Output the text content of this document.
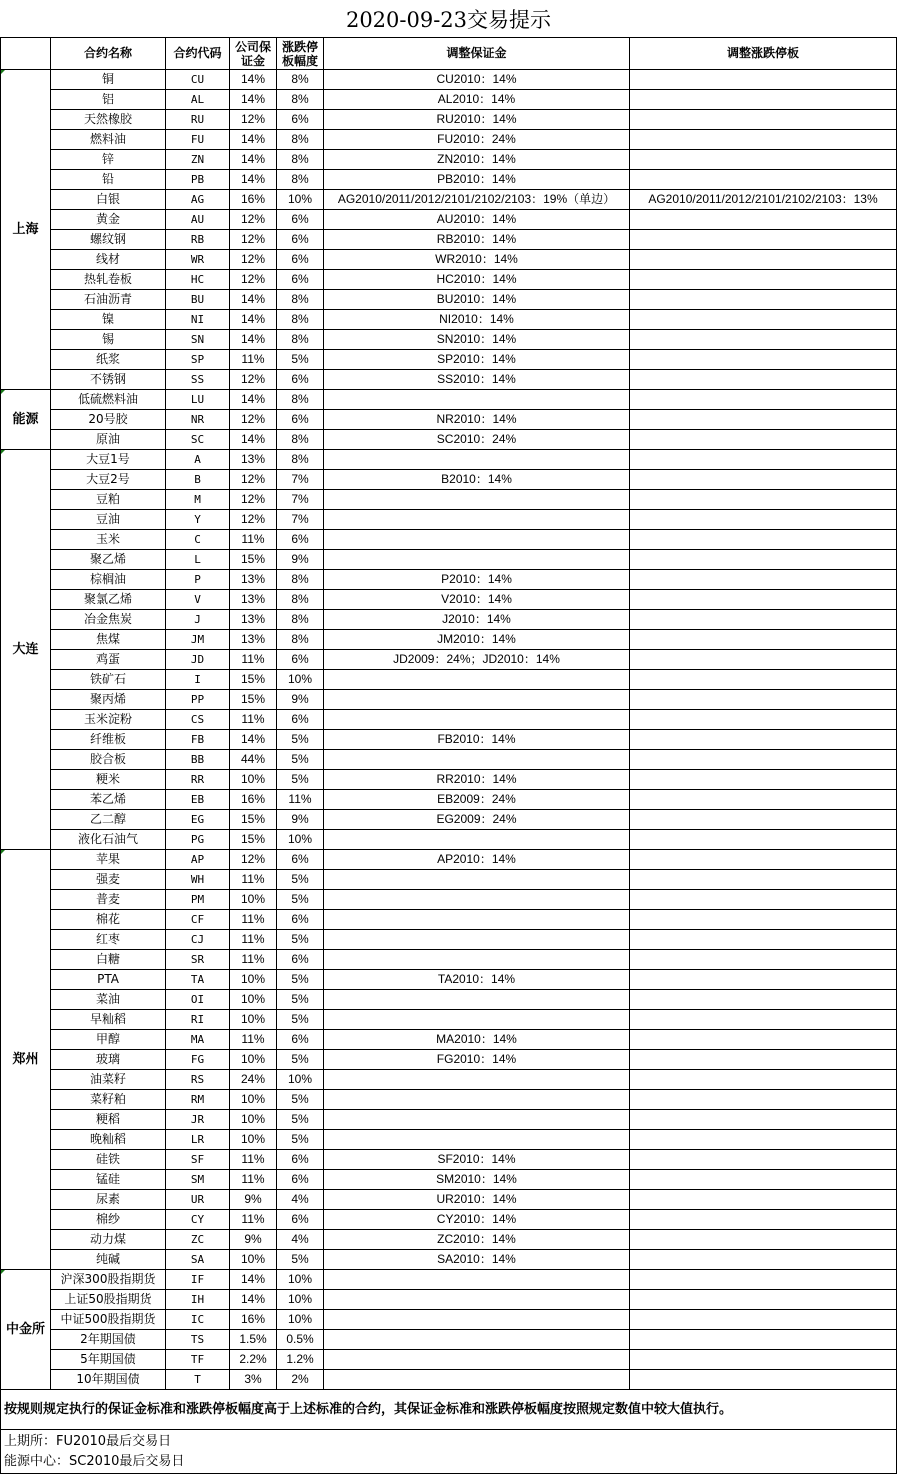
2020-09-23交易提示
	合约名称	合约代码	公司保证金	涨跌停板幅度	调整保证金	调整涨跌停板
上海	铜	CU	14%	8%	CU2010：14%	
	铝	AL	14%	8%	AL2010：14%	
	天然橡胶	RU	12%	6%	RU2010：14%	
	燃料油	FU	14%	8%	FU2010：24%	
	锌	ZN	14%	8%	ZN2010：14%	
	铅	PB	14%	8%	PB2010：14%	
	白银	AG	16%	10%	AG2010/2011/2012/2101/2102/2103：19%（单边）	AG2010/2011/2012/2101/2102/2103：13%
	黄金	AU	12%	6%	AU2010：14%	
	螺纹钢	RB	12%	6%	RB2010：14%	
	线材	WR	12%	6%	WR2010：14%	
	热轧卷板	HC	12%	6%	HC2010：14%	
	石油沥青	BU	14%	8%	BU2010：14%	
	镍	NI	14%	8%	NI2010：14%	
	锡	SN	14%	8%	SN2010：14%	
	纸浆	SP	11%	5%	SP2010：14%	
	不锈钢	SS	12%	6%	SS2010：14%	
能源	低硫燃料油	LU	14%	8%		
	20号胶	NR	12%	6%	NR2010：14%	
	原油	SC	14%	8%	SC2010：24%	
大连	大豆1号	A	13%	8%		
	大豆2号	B	12%	7%	B2010：14%	
	豆粕	M	12%	7%		
	豆油	Y	12%	7%		
	玉米	C	11%	6%		
	聚乙烯	L	15%	9%		
	棕榈油	P	13%	8%	P2010：14%	
	聚氯乙烯	V	13%	8%	V2010：14%	
	冶金焦炭	J	13%	8%	J2010：14%	
	焦煤	JM	13%	8%	JM2010：14%	
	鸡蛋	JD	11%	6%	JD2009：24%；JD2010：14%	
	铁矿石	I	15%	10%		
	聚丙烯	PP	15%	9%		
	玉米淀粉	CS	11%	6%		
	纤维板	FB	14%	5%	FB2010：14%	
	胶合板	BB	44%	5%		
	粳米	RR	10%	5%	RR2010：14%	
	苯乙烯	EB	16%	11%	EB2009：24%	
	乙二醇	EG	15%	9%	EG2009：24%	
	液化石油气	PG	15%	10%		
郑州	苹果	AP	12%	6%	AP2010：14%	
	强麦	WH	11%	5%		
	普麦	PM	10%	5%		
	棉花	CF	11%	6%		
	红枣	CJ	11%	5%		
	白糖	SR	11%	6%		
	PTA	TA	10%	5%	TA2010：14%	
	菜油	OI	10%	5%		
	早籼稻	RI	10%	5%		
	甲醇	MA	11%	6%	MA2010：14%	
	玻璃	FG	10%	5%	FG2010：14%	
	油菜籽	RS	24%	10%		
	菜籽粕	RM	10%	5%		
	粳稻	JR	10%	5%		
	晚籼稻	LR	10%	5%		
	硅铁	SF	11%	6%	SF2010：14%	
	锰硅	SM	11%	6%	SM2010：14%	
	尿素	UR	9%	4%	UR2010：14%	
	棉纱	CY	11%	6%	CY2010：14%	
	动力煤	ZC	9%	4%	ZC2010：14%	
	纯碱	SA	10%	5%	SA2010：14%	
中金所	沪深300股指期货	IF	14%	10%		
	上证50股指期货	IH	14%	10%		
	中证500股指期货	IC	16%	10%		
	2年期国债	TS	1.5%	0.5%		
	5年期国债	TF	2.2%	1.2%		
	10年期国债	T	3%	2%		
按规则规定执行的保证金标准和涨跌停板幅度高于上述标准的合约，其保证金标准和涨跌停板幅度按照规定数值中较大值执行。						

上期所：FU2010最后交易日
能源中心：SC2010最后交易日						
